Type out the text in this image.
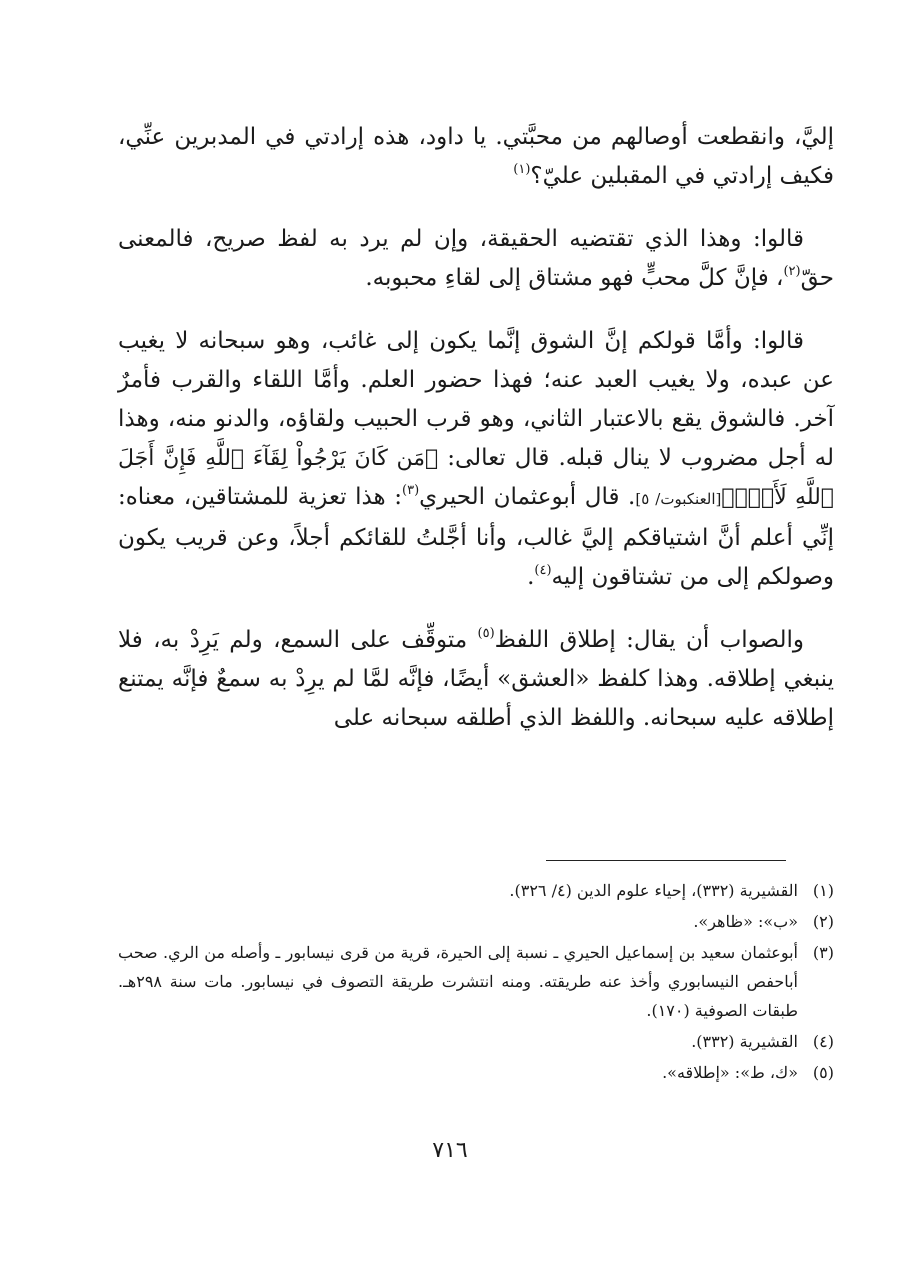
إليَّ، وانقطعت أوصالهم من محبَّتي. يا داود، هذه إرادتي في المدبرين عنِّي، فكيف إرادتي في المقبلين عليّ؟$^{(١)}$

قالوا: وهذا الذي تقتضيه الحقيقة، وإن لم يرد به لفظ صريح، فالمعنى حقّ$^{(٢)}$، فإنَّ كلَّ محبٍّ فهو مشتاق إلى لقاءِ محبوبه.

قالوا: وأمَّا قولكم إنَّ الشوق إنَّما يكون إلى غائب، وهو سبحانه لا يغيب عن عبده، ولا يغيب العبد عنه؛ فهذا حضور العلم. وأمَّا اللقاء والقرب فأمرٌ آخر. فالشوق يقع بالاعتبار الثاني، وهو قرب الحبيب ولقاؤه، والدنو منه، وهذا له أجل مضروب لا ينال قبله. قال تعالى: ﴿مَن كَانَ يَرْجُواْ لِقَآءَ ٱللَّهِ فَإِنَّ أَجَلَ ٱللَّهِ لَأَتٍۚ﴾[العنكبوت/ ٥]. قال أبوعثمان الحيري$^{(٣)}$: هذا تعزية للمشتاقين، معناه: إنِّي أعلم أنَّ اشتياقكم إليَّ غالب، وأنا أجَّلتُ للقائكم أجلاً، وعن قريب يكون وصولكم إلى من تشتاقون إليه$^{(٤)}$.

والصواب أن يقال: إطلاق اللفظ$^{(٥)}$ متوقِّف على السمع، ولم يَرِدْ به، فلا ينبغي إطلاقه. وهذا كلفظ «العشق» أيضًا، فإنَّه لمَّا لم يرِدْ به سمعٌ فإنَّه يمتنع إطلاقه عليه سبحانه. واللفظ الذي أطلقه سبحانه على

(١)
القشيرية (٣٣٢)، إحياء علوم الدين (٤/ ٣٢٦).
(٢)
«ب»: «ظاهر».
(٣)
أبوعثمان سعيد بن إسماعيل الحيري ـ نسبة إلى الحيرة، قرية من قرى نيسابور ـ وأصله من الري. صحب أباحفص النيسابوري وأخذ عنه طريقته. ومنه انتشرت طريقة التصوف في نيسابور. مات سنة ٢٩٨هـ. طبقات الصوفية (١٧٠).
(٤)
القشيرية (٣٣٢).
(٥)
«ك، ط»: «إطلاقه».
٧١٦
